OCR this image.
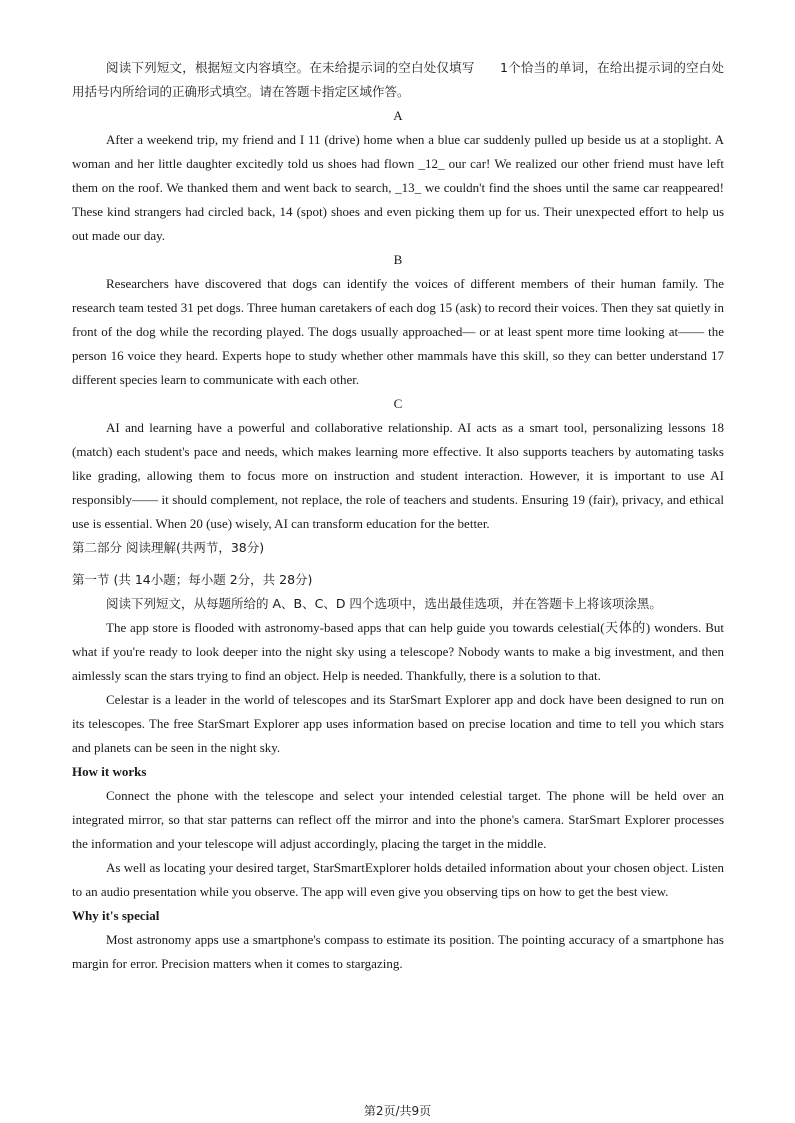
阅读下列短文，根据短文内容填空。在未给提示词的空白处仅填写　　1个恰当的单词，在给出提示词的空白处用括号内所给词的正确形式填空。请在答题卡指定区域作答。

A

After a weekend trip, my friend and I 11 (drive) home when a blue car suddenly pulled up beside us at a stoplight. A woman and her little daughter excitedly told us shoes had flown _12_ our car! We realized our other friend must have left them on the roof. We thanked them and went back to search, _13_ we couldn't find the shoes until the same car reappeared! These kind strangers had circled back, 14 (spot) shoes and even picking them up for us. Their unexpected effort to help us out made our day.

B

Researchers have discovered that dogs can identify the voices of different members of their human family. The research team tested 31 pet dogs. Three human caretakers of each dog 15 (ask) to record their voices. Then they sat quietly in front of the dog while the recording played. The dogs usually approached— or at least spent more time looking at—— the person 16 voice they heard. Experts hope to study whether other mammals have this skill, so they can better understand 17 different species learn to communicate with each other.

C

AI and learning have a powerful and collaborative relationship. AI acts as a smart tool, personalizing lessons 18 (match) each student's pace and needs, which makes learning more effective. It also supports teachers by automating tasks like grading, allowing them to focus more on instruction and student interaction. However, it is important to use AI responsibly—— it should complement, not replace, the role of teachers and students. Ensuring 19 (fair), privacy, and ethical use is essential. When 20 (use) wisely, AI can transform education for the better.

第二部分 阅读理解(共两节，38分)

第一节 (共 14小题；每小题 2分，共 28分)

阅读下列短文，从每题所给的 A、B、C、D 四个选项中，选出最佳选项，并在答题卡上将该项涂黑。

The app store is flooded with astronomy-based apps that can help guide you towards celestial(天体的) wonders. But what if you're ready to look deeper into the night sky using a telescope? Nobody wants to make a big investment, and then aimlessly scan the stars trying to find an object. Help is needed. Thankfully, there is a solution to that.

Celestar is a leader in the world of telescopes and its StarSmart Explorer app and dock have been designed to run on its telescopes. The free StarSmart Explorer app uses information based on precise location and time to tell you which stars and planets can be seen in the night sky.

How it works

Connect the phone with the telescope and select your intended celestial target. The phone will be held over an integrated mirror, so that star patterns can reflect off the mirror and into the phone's camera. StarSmart Explorer processes the information and your telescope will adjust accordingly, placing the target in the middle.

As well as locating your desired target, StarSmartExplorer holds detailed information about your chosen object. Listen to an audio presentation while you observe. The app will even give you observing tips on how to get the best view.

Why it's special

Most astronomy apps use a smartphone's compass to estimate its position. The pointing accuracy of a smartphone has margin for error. Precision matters when it comes to stargazing.

第2页/共9页
